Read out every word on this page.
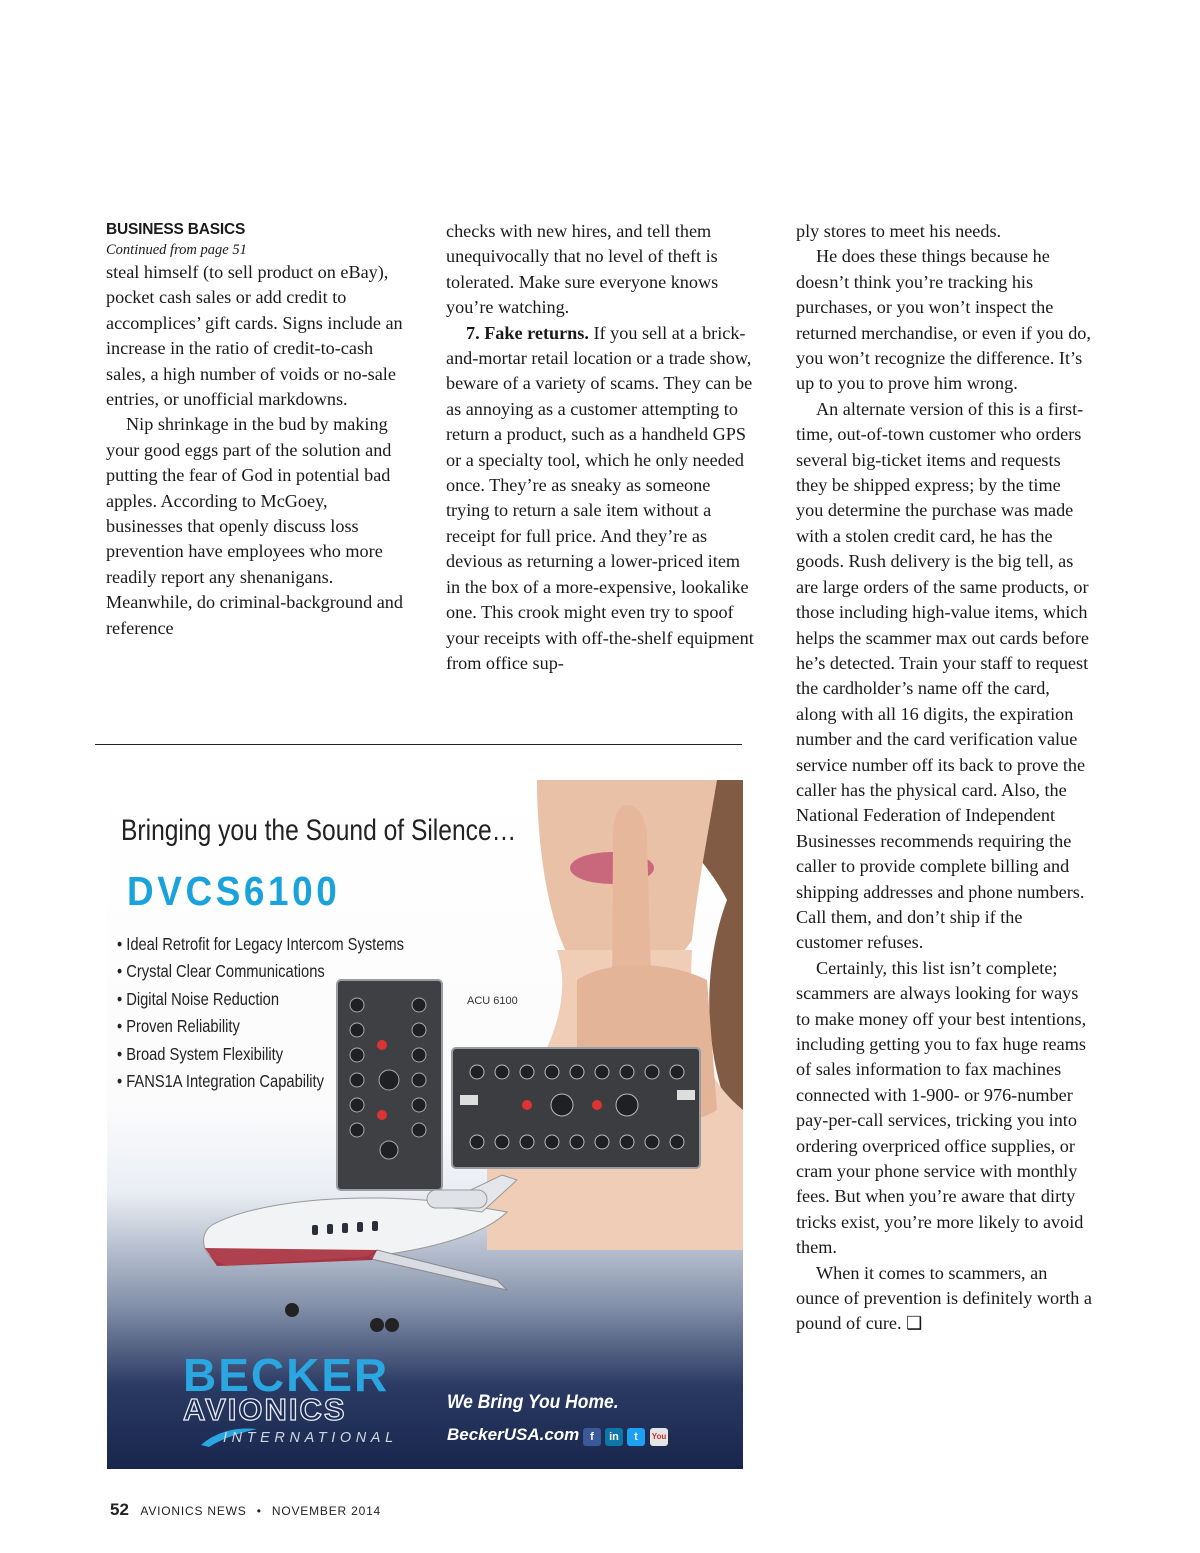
BUSINESS BASICS

Continued from page 51

steal himself (to sell product on eBay), pocket cash sales or add credit to accomplices’ gift cards. Signs include an increase in the ratio of credit-to-cash sales, a high number of voids or no-sale entries, or unofficial markdowns.

Nip shrinkage in the bud by making your good eggs part of the solution and putting the fear of God in potential bad apples. According to McGoey, businesses that openly discuss loss prevention have employees who more readily report any shenanigans. Meanwhile, do criminal-background and reference

checks with new hires, and tell them unequivocally that no level of theft is tolerated. Make sure everyone knows you’re watching.

7. Fake returns. If you sell at a brick-and-mortar retail location or a trade show, beware of a variety of scams. They can be as annoying as a customer attempting to return a product, such as a handheld GPS or a specialty tool, which he only needed once. They’re as sneaky as someone trying to return a sale item without a receipt for full price. And they’re as devious as returning a lower-priced item in the box of a more-expensive, lookalike one. This crook might even try to spoof your receipts with off-the-shelf equipment from office sup-

ply stores to meet his needs.

He does these things because he doesn’t think you’re tracking his purchases, or you won’t inspect the returned merchandise, or even if you do, you won’t recognize the difference. It’s up to you to prove him wrong.

An alternate version of this is a first-time, out-of-town customer who orders several big-ticket items and requests they be shipped express; by the time you determine the purchase was made with a stolen credit card, he has the goods. Rush delivery is the big tell, as are large orders of the same products, or those including high-value items, which helps the scammer max out cards before he’s detected. Train your staff to request the cardholder’s name off the card, along with all 16 digits, the expiration number and the card verification value service number off its back to prove the caller has the physical card. Also, the National Federation of Independent Businesses recommends requiring the caller to provide complete billing and shipping addresses and phone numbers. Call them, and don’t ship if the customer refuses.

Certainly, this list isn’t complete; scammers are always looking for ways to make money off your best intentions, including getting you to fax huge reams of sales information to fax machines connected with 1-900- or 976-number pay-per-call services, tricking you into ordering overpriced office supplies, or cram your phone service with monthly fees. But when you’re aware that dirty tricks exist, you’re more likely to avoid them.

When it comes to scammers, an ounce of prevention is definitely worth a pound of cure. ❑

Bringing you the Sound of Silence…
DVCS6100
• Ideal Retrofit for Legacy Intercom Systems
• Crystal Clear Communications
• Digital Noise Reduction
• Proven Reliability
• Broad System Flexibility
• FANS1A Integration Capability
ACU 6100
BECKER
AVIONICS
INTERNATIONAL
We Bring You Home.
BeckerUSA.com f	in	t	You
52 AVIONICS NEWS • NOVEMBER 2014
